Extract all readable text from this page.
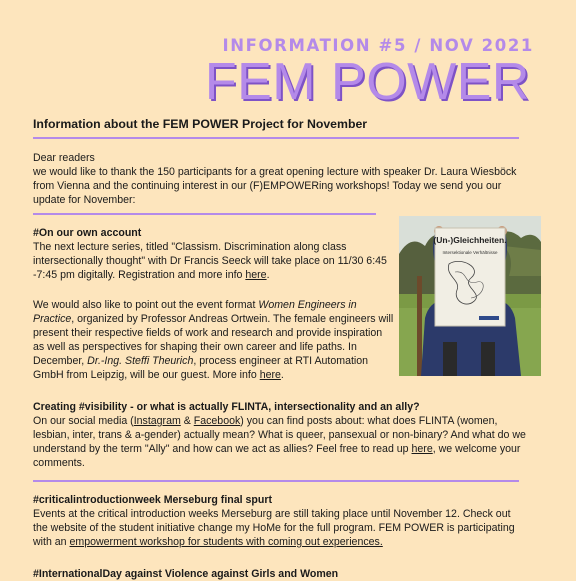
INFORMATION #5 / NOV 2021
FEM POWER
Information about the FEM POWER Project for November

Dear readers

we would like to thank the 150 participants for a great opening lecture with speaker Dr. Laura Wiesböck from Vienna and the continuing interest in our (F)EMPOWERing workshops! Today we send you our update for November:

#On our own account

The next lecture series, titled "Classism. Discrimination along class intersectionally thought" with Dr Francis Seeck will take place on 11/30 6:45 -7:45 pm digitally. Registration and more info here.

We would also like to point out the event format Women Engineers in Practice, organized by Professor Andreas Ortwein. The female engineers will present their respective fields of work and research and provide inspiration as well as perspectives for shaping their own career and life paths. In December, Dr.-Ing. Steffi Theurich, process engineer at RTI Automation GmbH from Leipzig, will be our guest. More info here.

(Un-)Gleichheiten.
Intersektionale Verhältnisse
Creating #visibility - or what is actually FLINTA, intersectionality and an ally?

On our social media (Instagram & Facebook) you can find posts about: what does FLINTA (women, lesbian, inter, trans & a-gender) actually mean? What is queer, pansexual or non-binary? And what do we understand by the term "Ally" and how can we act as allies? Feel free to read up here, we welcome your comments.

#criticalintroductionweek Merseburg final spurt

Events at the critical introduction weeks Merseburg are still taking place until November 12. Check out the website of the student initiative change my HoMe for the full program. FEM POWER is participating with an empowerment workshop for students with coming out experiences.

#InternationalDay against Violence against Girls and Women
